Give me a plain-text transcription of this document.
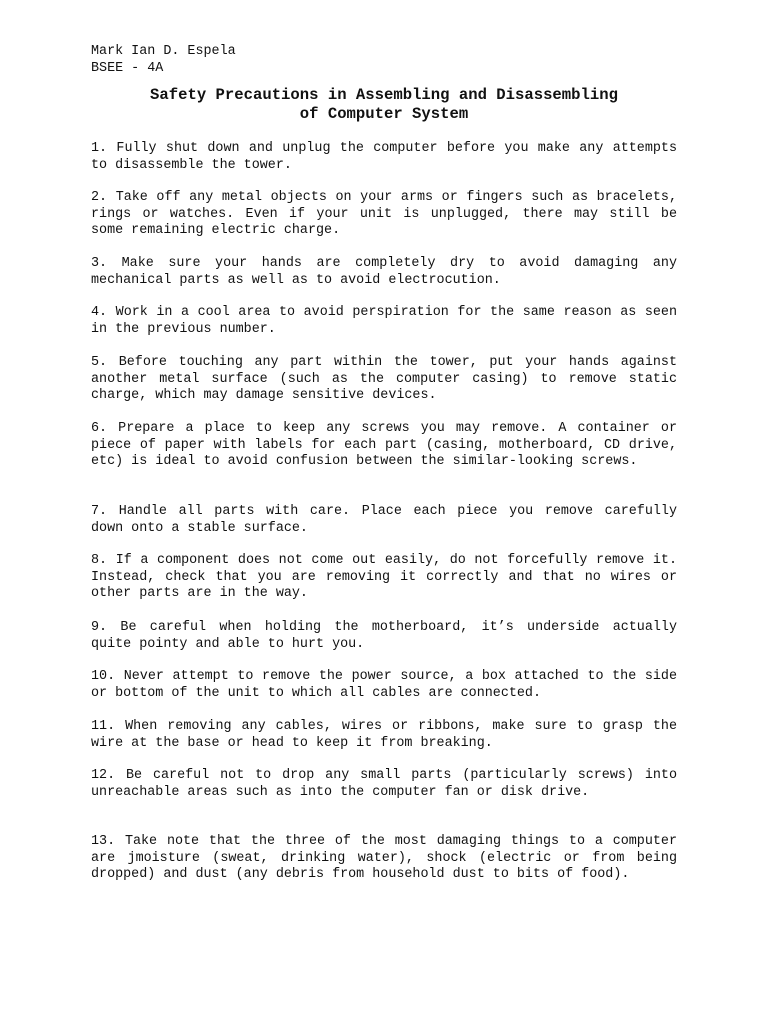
Mark Ian D. Espela
BSEE - 4A
Safety Precautions in Assembling and Disassembling
of Computer System

1. Fully shut down and unplug the computer before you make any attempts to disassemble the tower.

2. Take off any metal objects on your arms or fingers such as bracelets, rings or watches. Even if your unit is unplugged, there may still be some remaining electric charge.

3. Make sure your hands are completely dry to avoid damaging any mechanical parts as well as to avoid electrocution.

4. Work in a cool area to avoid perspiration for the same reason as seen in the previous number.

5. Before touching any part within the tower, put your hands against another metal surface (such as the computer casing) to remove static charge, which may damage sensitive devices.

6. Prepare a place to keep any screws you may remove. A container or piece of paper with labels for each part (casing, motherboard, CD drive, etc) is ideal to avoid confusion between the similar-looking screws.

7. Handle all parts with care. Place each piece you remove carefully down onto a stable surface.

8. If a component does not come out easily, do not forcefully remove it. Instead, check that you are removing it correctly and that no wires or other parts are in the way.

9. Be careful when holding the motherboard, it’s underside actually quite pointy and able to hurt you.

10. Never attempt to remove the power source, a box attached to the side or bottom of the unit to which all cables are connected.

11. When removing any cables, wires or ribbons, make sure to grasp the wire at the base or head to keep it from breaking.

12. Be careful not to drop any small parts (particularly screws) into unreachable areas such as into the computer fan or disk drive.

13. Take note that the three of the most damaging things to a computer are jmoisture (sweat, drinking water), shock (electric or from being dropped) and dust (any debris from household dust to bits of food).
